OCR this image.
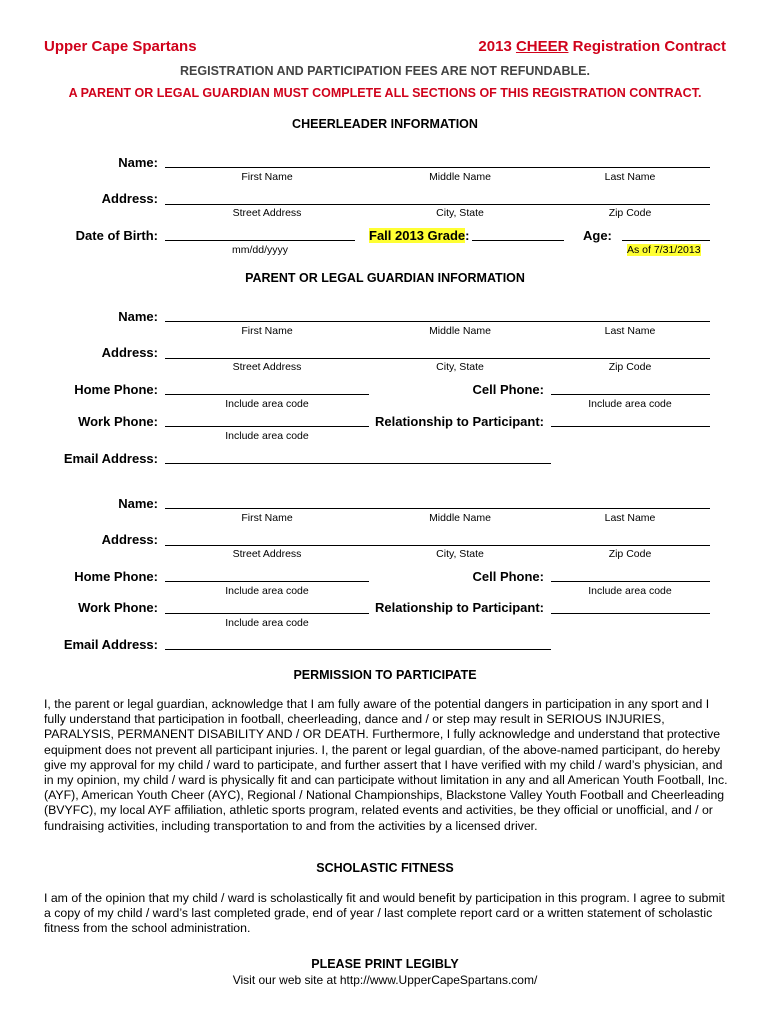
Upper Cape Spartans	2013 CHEER Registration Contract
REGISTRATION AND PARTICIPATION FEES ARE NOT REFUNDABLE.
A PARENT OR LEGAL GUARDIAN MUST COMPLETE ALL SECTIONS OF THIS REGISTRATION CONTRACT.
CHEERLEADER INFORMATION
Name:
First Name	Middle Name	Last Name
Address:
Street Address	City, State	Zip Code
Date of Birth:
mm/dd/yyyy
Fall 2013 Grade:	Age:
As of 7/31/2013
PARENT OR LEGAL GUARDIAN INFORMATION
Name:
First Name	Middle Name	Last Name
Address:
Street Address	City, State	Zip Code
Home Phone:
Include area code
Cell Phone:
Include area code
Work Phone:
Include area code
Relationship to Participant:
Email Address:
Name:
First Name	Middle Name	Last Name
Address:
Street Address	City, State	Zip Code
Home Phone:
Include area code
Cell Phone:
Include area code
Work Phone:
Include area code
Relationship to Participant:
Email Address:
PERMISSION TO PARTICIPATE
I, the parent or legal guardian, acknowledge that I am fully aware of the potential dangers in participation in any sport and I fully understand that participation in football, cheerleading, dance and / or step may result in SERIOUS INJURIES, PARALYSIS, PERMANENT DISABILITY AND / OR DEATH. Furthermore, I fully acknowledge and understand that protective equipment does not prevent all participant injuries. I, the parent or legal guardian, of the above-named participant, do hereby give my approval for my child / ward to participate, and further assert that I have verified with my child / ward’s physician, and in my opinion, my child / ward is physically fit and can participate without limitation in any and all American Youth Football, Inc. (AYF), American Youth Cheer (AYC), Regional / National Championships, Blackstone Valley Youth Football and Cheerleading (BVYFC), my local AYF affiliation, athletic sports program, related events and activities, be they official or unofficial, and / or fundraising activities, including transportation to and from the activities by a licensed driver.
SCHOLASTIC FITNESS
I am of the opinion that my child / ward is scholastically fit and would benefit by participation in this program. I agree to submit a copy of my child / ward’s last completed grade, end of year / last complete report card or a written statement of scholastic fitness from the school administration.
PLEASE PRINT LEGIBLY
Visit our web site at http://www.UpperCapeSpartans.com/
